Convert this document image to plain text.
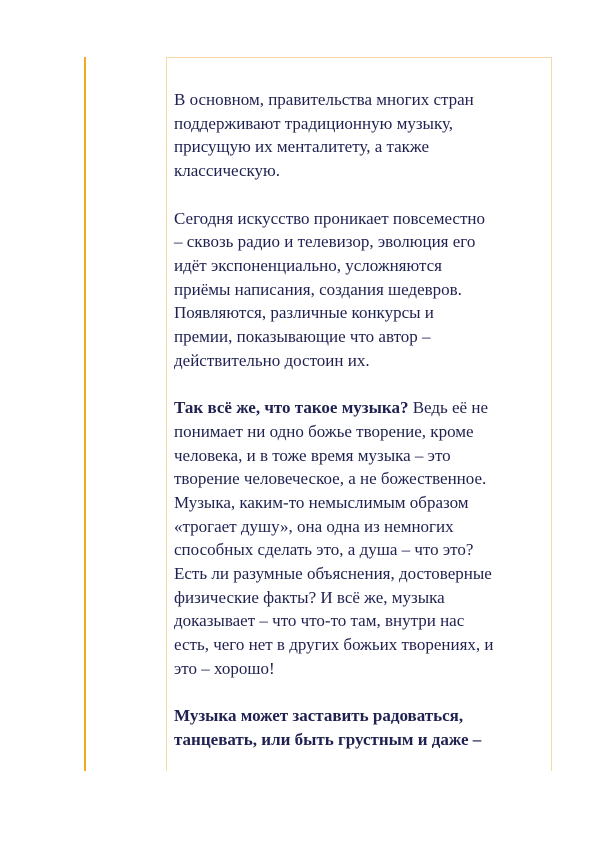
В основном, правительства многих стран
поддерживают традиционную музыку,
присущую их менталитету, а также
классическую.

Сегодня искусство проникает повсеместно
– сквозь радио и телевизор, эволюция его
идёт экспоненциально, усложняются
приёмы написания, создания шедевров.
Появляются, различные конкурсы и
премии, показывающие что автор –
действительно достоин их.

Так всё же, что такое музыка? Ведь её не
понимает ни одно божье творение, кроме
человека, и в тоже время музыка – это
творение человеческое, а не божественное.
Музыка, каким-то немыслимым образом
«трогает душу», она одна из немногих
способных сделать это, а душа – что это?
Есть ли разумные объяснения, достоверные
физические факты? И всё же, музыка
доказывает – что что-то там, внутри нас
есть, чего нет в других божьих творениях, и
это – хорошо!

Музыка может заставить радоваться,
танцевать, или быть грустным и даже –
